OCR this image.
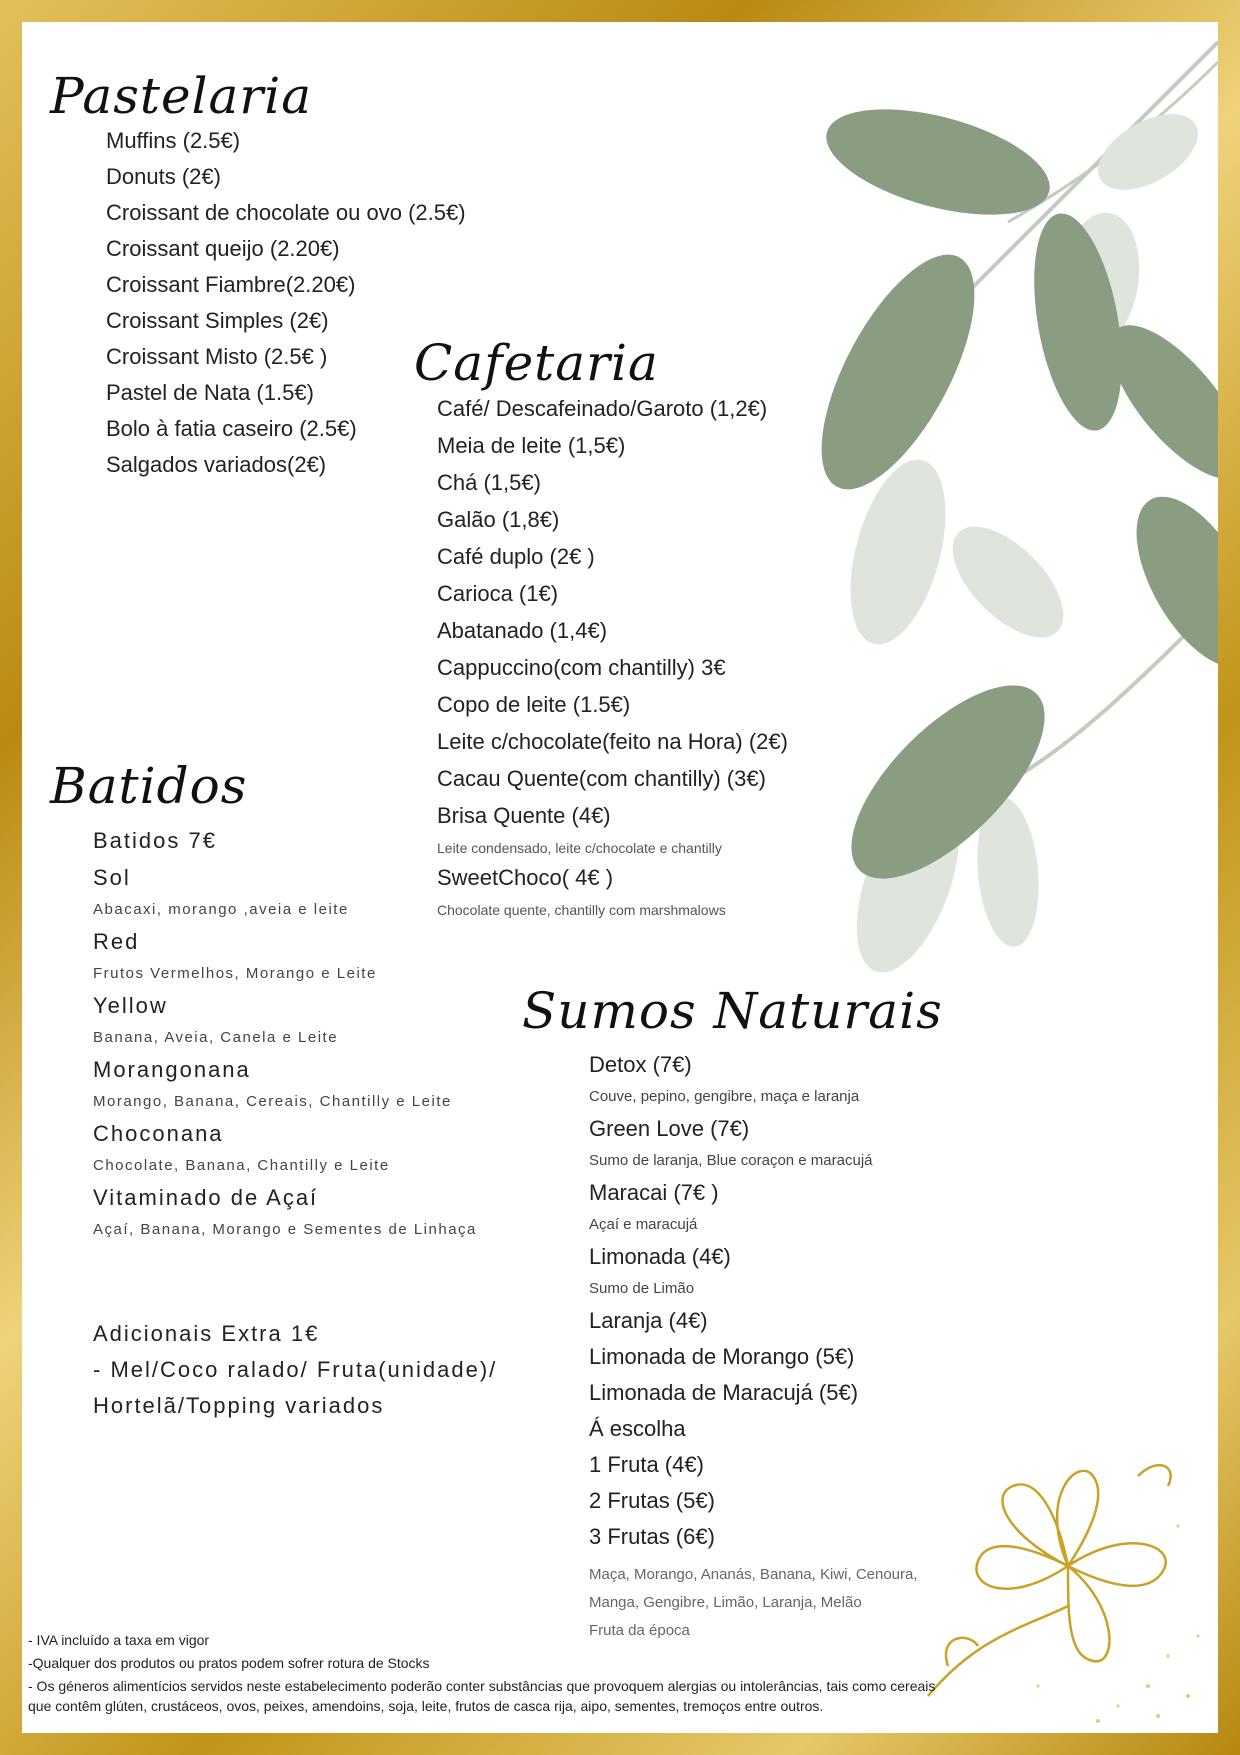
Pastelaria
Muffins (2.5€)
Donuts (2€)
Croissant de chocolate ou ovo (2.5€)
Croissant queijo (2.20€)
Croissant Fiambre(2.20€)
Croissant Simples (2€)
Croissant Misto (2.5€ )
Pastel de Nata (1.5€)
Bolo à fatia caseiro (2.5€)
Salgados variados(2€)
Cafetaria
Café/ Descafeinado/Garoto (1,2€)
Meia de leite (1,5€)
Chá (1,5€)
Galão (1,8€)
Café duplo (2€ )
Carioca (1€)
Abatanado (1,4€)
Cappuccino(com chantilly) 3€
Copo de leite (1.5€)
Leite c/chocolate(feito na Hora) (2€)
Cacau Quente(com chantilly) (3€)
Brisa Quente (4€)
Leite condensado, leite c/chocolate e chantilly
SweetChoco( 4€ )
Chocolate quente, chantilly com marshmalows
Batidos
Batidos 7€
Sol
Abacaxi, morango ,aveia e leite
Red
Frutos Vermelhos, Morango e Leite
Yellow
Banana, Aveia, Canela e Leite
Morangonana
Morango, Banana, Cereais, Chantilly e Leite
Choconana
Chocolate, Banana, Chantilly e Leite
Vitaminado de Açaí
Açaí, Banana, Morango e Sementes de Linhaça
Adicionais Extra 1€
- Mel/Coco ralado/ Fruta(unidade)/
Hortelã/Topping variados
Sumos Naturais
Detox (7€)
Couve, pepino, gengibre, maça e laranja
Green Love (7€)
Sumo de laranja, Blue coraçon e maracujá
Maracai (7€ )
Açaí e maracujá
Limonada (4€)
Sumo de Limão
Laranja (4€)
Limonada de Morango (5€)
Limonada de Maracujá (5€)
Á escolha
1 Fruta (4€)
2 Frutas (5€)
3 Frutas (6€)
Maça, Morango, Ananás, Banana, Kiwi, Cenoura,
Manga, Gengibre, Limão, Laranja, Melão
Fruta da época
- IVA incluído a taxa em vigor
-Qualquer dos produtos ou pratos podem sofrer rotura de Stocks
- Os géneros alimentícios servidos neste estabelecimento poderão conter substâncias que provoquem alergias ou intolerâncias, tais como cereais que contêm glúten, crustáceos, ovos, peixes, amendoins, soja, leite, frutos de casca rija, aipo, sementes, tremoços entre outros.
